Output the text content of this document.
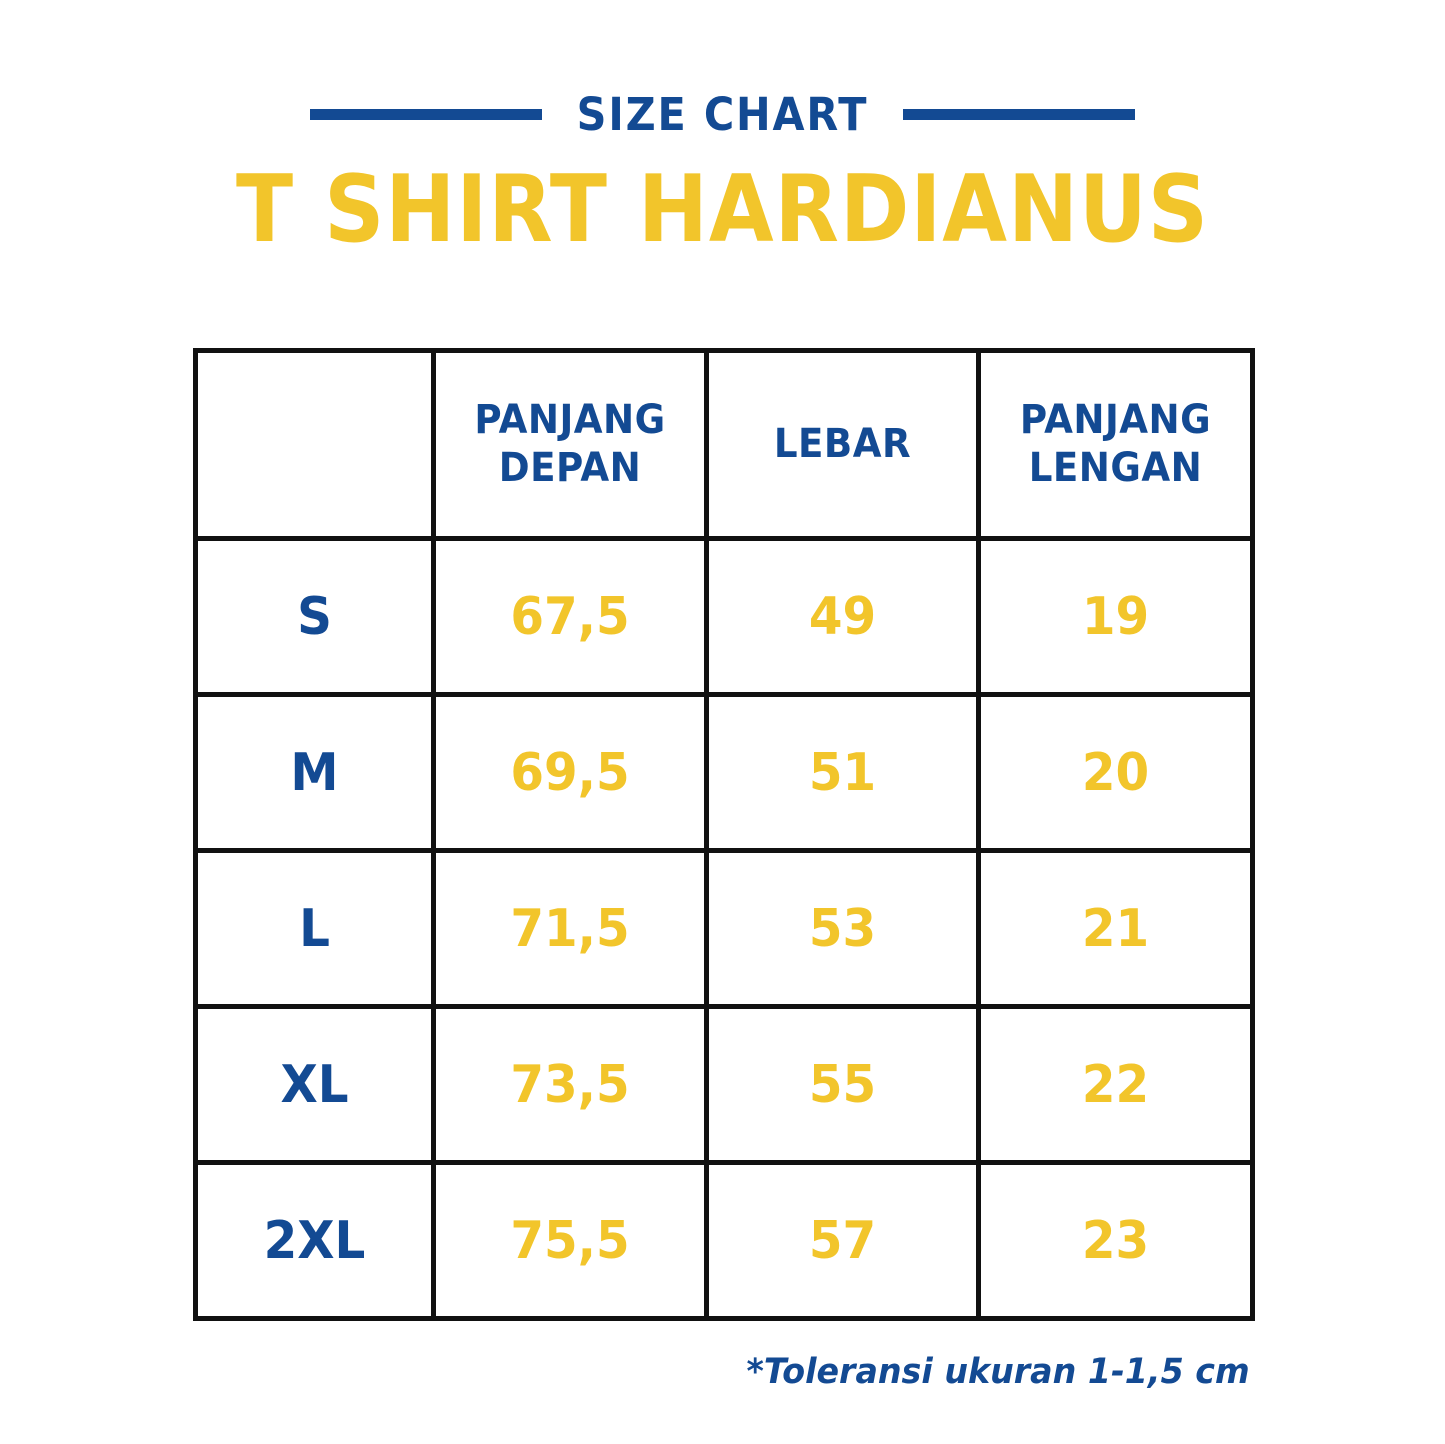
SIZE CHART
T SHIRT HARDIANUS

	PANJANG DEPAN	LEBAR	PANJANG LENGAN

S	67,5	49	19

M	69,5	51	20

L	71,5	53	21

XL	73,5	55	22

2XL	75,5	57	23
*Toleransi ukuran 1-1,5 cm
